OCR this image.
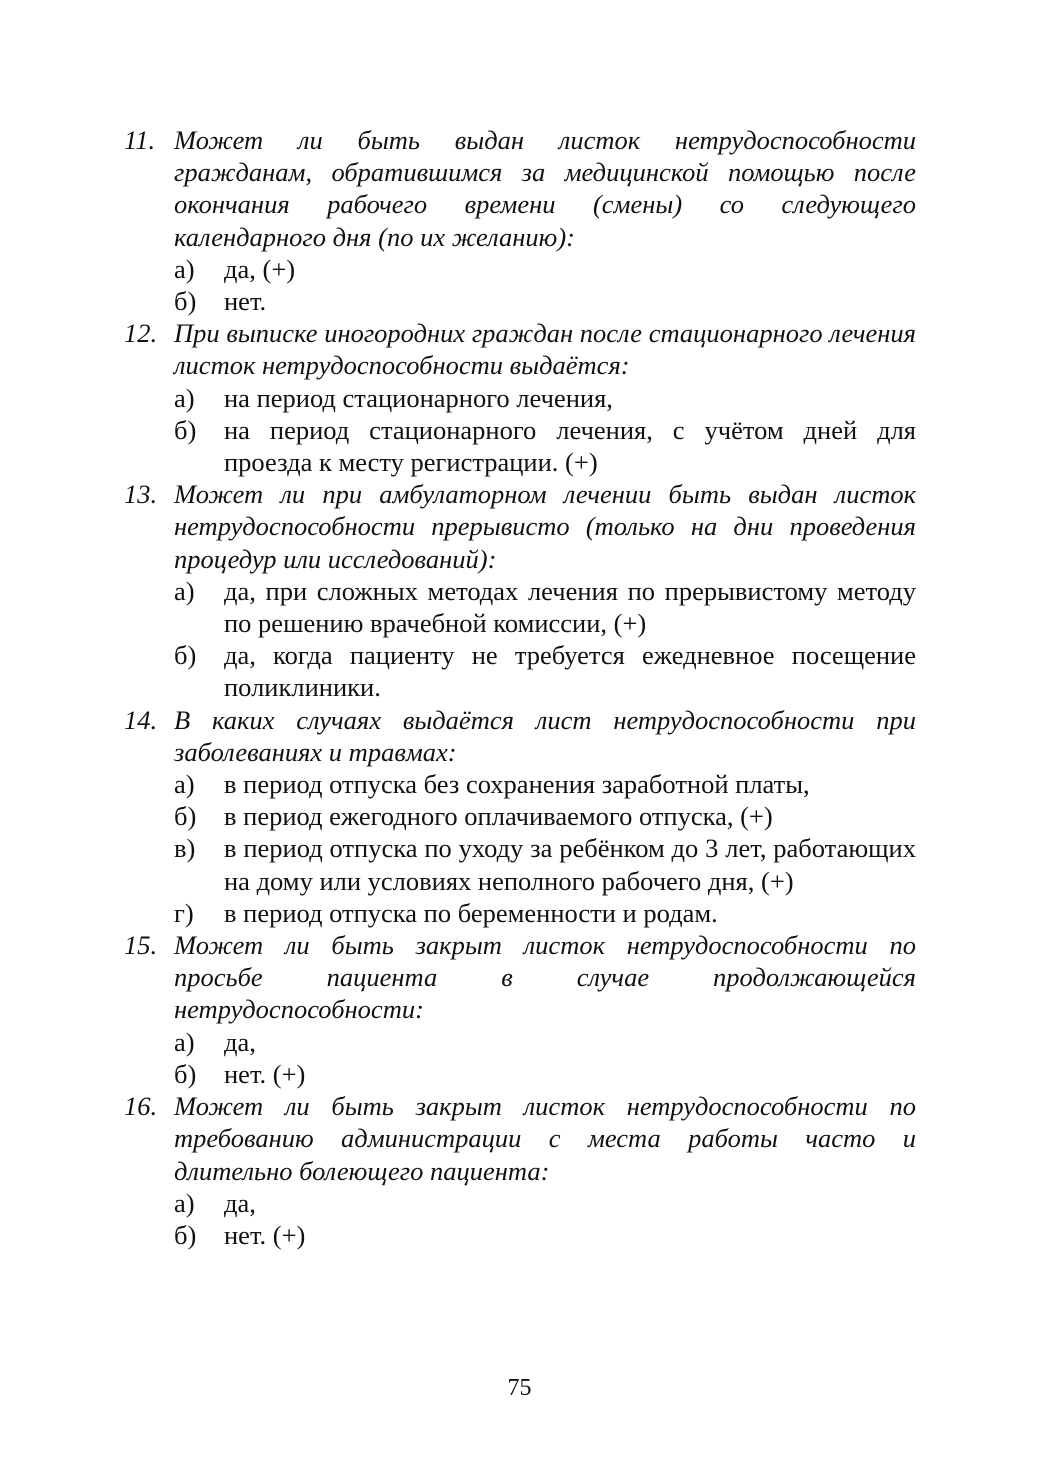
11. Может ли быть выдан листок нетрудоспособности гражданам, обратившимся за медицинской помощью после окончания рабочего времени (смены) со следующего календарного дня (по их желанию):
а) да, (+)
б) нет.
12. При выписке иногородних граждан после стационарного лечения листок нетрудоспособности выдаётся:
а) на период стационарного лечения,
б) на период стационарного лечения, с учётом дней для проезда к месту регистрации. (+)
13. Может ли при амбулаторном лечении быть выдан листок нетрудоспособности прерывисто (только на дни проведения процедур или исследований):
а) да, при сложных методах лечения по прерывистому методу по решению врачебной комиссии, (+)
б) да, когда пациенту не требуется ежедневное посещение поликлиники.
14. В каких случаях выдаётся лист нетрудоспособности при заболеваниях и травмах:
а) в период отпуска без сохранения заработной платы,
б) в период ежегодного оплачиваемого отпуска, (+)
в) в период отпуска по уходу за ребёнком до 3 лет, работающих на дому или условиях неполного рабочего дня, (+)
г) в период отпуска по беременности и родам.
15. Может ли быть закрыт листок нетрудоспособности по просьбе пациента в случае продолжающейся нетрудоспособности:
а) да,
б) нет. (+)
16. Может ли быть закрыт листок нетрудоспособности по требованию администрации с места работы часто и длительно болеющего пациента:
а) да,
б) нет. (+)
75
